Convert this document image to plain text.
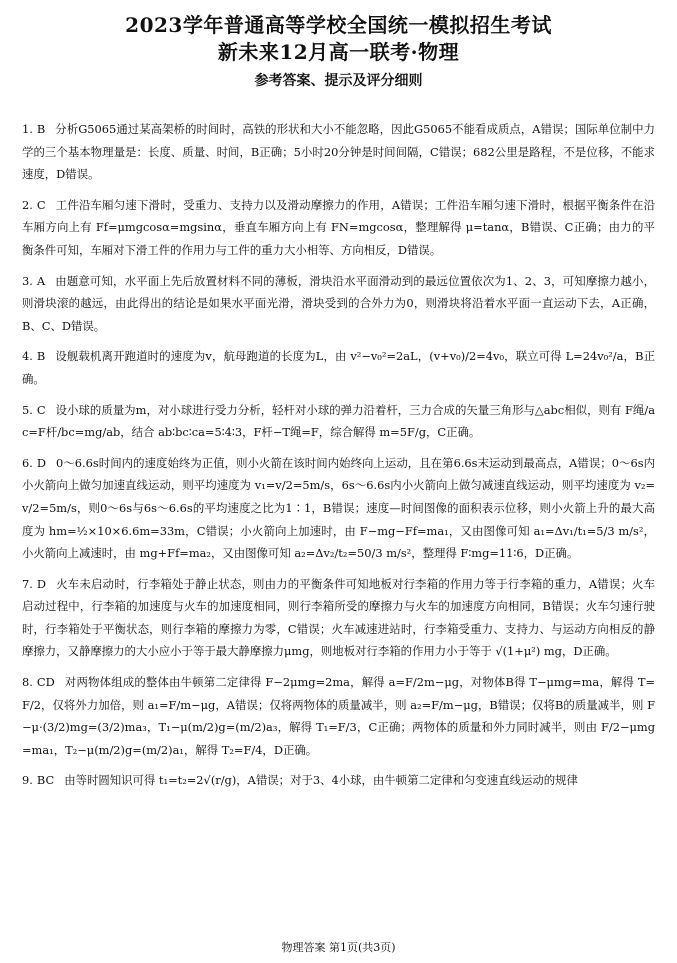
2023学年普通高等学校全国统一模拟招生考试
新未来12月高一联考·物理
参考答案、提示及评分细则
1. B 分析G5065通过某高架桥的时间时，高铁的形状和大小不能忽略，因此G5065不能看成质点，A错误；国际单位制中力学的三个基本物理量是：长度、质量、时间，B正确；5小时20分钟是时间间隔，C错误；682公里是路程，不是位移，不能求速度，D错误。
2. C 工件沿车厢匀速下滑时，受重力、支持力以及滑动摩擦力的作用，A错误；工件沿车厢匀速下滑时，根据平衡条件在沿车厢方向上有 Ff=μmgcosα=mgsinα，垂直车厢方向上有 FN=mgcosα，整理解得 μ=tanα，B错误、C正确；由力的平衡条件可知，车厢对下滑工件的作用力与工件的重力大小相等、方向相反，D错误。
3. A 由题意可知，水平面上先后放置材料不同的薄板，滑块沿水平面滑动到的最远位置依次为1、2、3，可知摩擦力越小，则滑块滚的越远，由此得出的结论是如果水平面光滑，滑块受到的合外力为0，则滑块将沿着水平面一直运动下去，A正确，B、C、D错误。
4. B 设舰载机离开跑道时的速度为v，航母跑道的长度为L，由 v²−v₀²=2aL，(v+v₀)/2=4v₀，联立可得 L=24v₀²/a，B正确。
5. C 设小球的质量为m，对小球进行受力分析，轻杆对小球的弹力沿着杆，三力合成的矢量三角形与△abc相似，则有 F绳/ac=F杆/bc=mg/ab，结合 ab∶bc∶ca=5∶4∶3，F杆−T绳=F，综合解得 m=5F/g，C正确。
6. D 0～6.6s时间内的速度始终为正值，则小火箭在该时间内始终向上运动，且在第6.6s末运动到最高点，A错误；0～6s内小火箭向上做匀加速直线运动，则平均速度为 v₁=v/2=5m/s，6s～6.6s内小火箭向上做匀减速直线运动，则平均速度为 v₂=v/2=5m/s，则0～6s与6s～6.6s的平均速度之比为1∶1，B错误；速度—时间图像的面积表示位移，则小火箭上升的最大高度为 hm=½×10×6.6m=33m，C错误；小火箭向上加速时，由 F−mg−Ff=ma₁，又由图像可知 a₁=Δv₁/t₁=5/3 m/s²，小火箭向上减速时，由 mg+Ff=ma₂，又由图像可知 a₂=Δv₂/t₂=50/3 m/s²，整理得 F∶mg=11∶6，D正确。
7. D 火车未启动时，行李箱处于静止状态，则由力的平衡条件可知地板对行李箱的作用力等于行李箱的重力，A错误；火车启动过程中，行李箱的加速度与火车的加速度相同，则行李箱所受的摩擦力与火车的加速度方向相同，B错误；火车匀速行驶时，行李箱处于平衡状态，则行李箱的摩擦力为零，C错误；火车减速进站时，行李箱受重力、支持力、与运动方向相反的静摩擦力，又静摩擦力的大小应小于等于最大静摩擦力μmg，则地板对行李箱的作用力小于等于 √(1+μ²) mg，D正确。
8. CD 对两物体组成的整体由牛顿第二定律得 F−2μmg=2ma，解得 a=F/2m−μg，对物体B得 T−μmg=ma，解得 T=F/2，仅将外力加倍，则 a₁=F/m−μg，A错误；仅将两物体的质量减半，则 a₂=F/m−μg，B错误；仅将B的质量减半，则 F−μ·(3/2)mg=(3/2)ma₃，T₁−μ(m/2)g=(m/2)a₃，解得 T₁=F/3，C正确；两物体的质量和外力同时减半，则由 F/2−μmg=ma₁，T₂−μ(m/2)g=(m/2)a₁，解得 T₂=F/4，D正确。
9. BC 由等时圆知识可得 t₁=t₂=2√(r/g)，A错误；对于3、4小球，由牛顿第二定律和匀变速直线运动的规律
物理答案 第1页(共3页)
